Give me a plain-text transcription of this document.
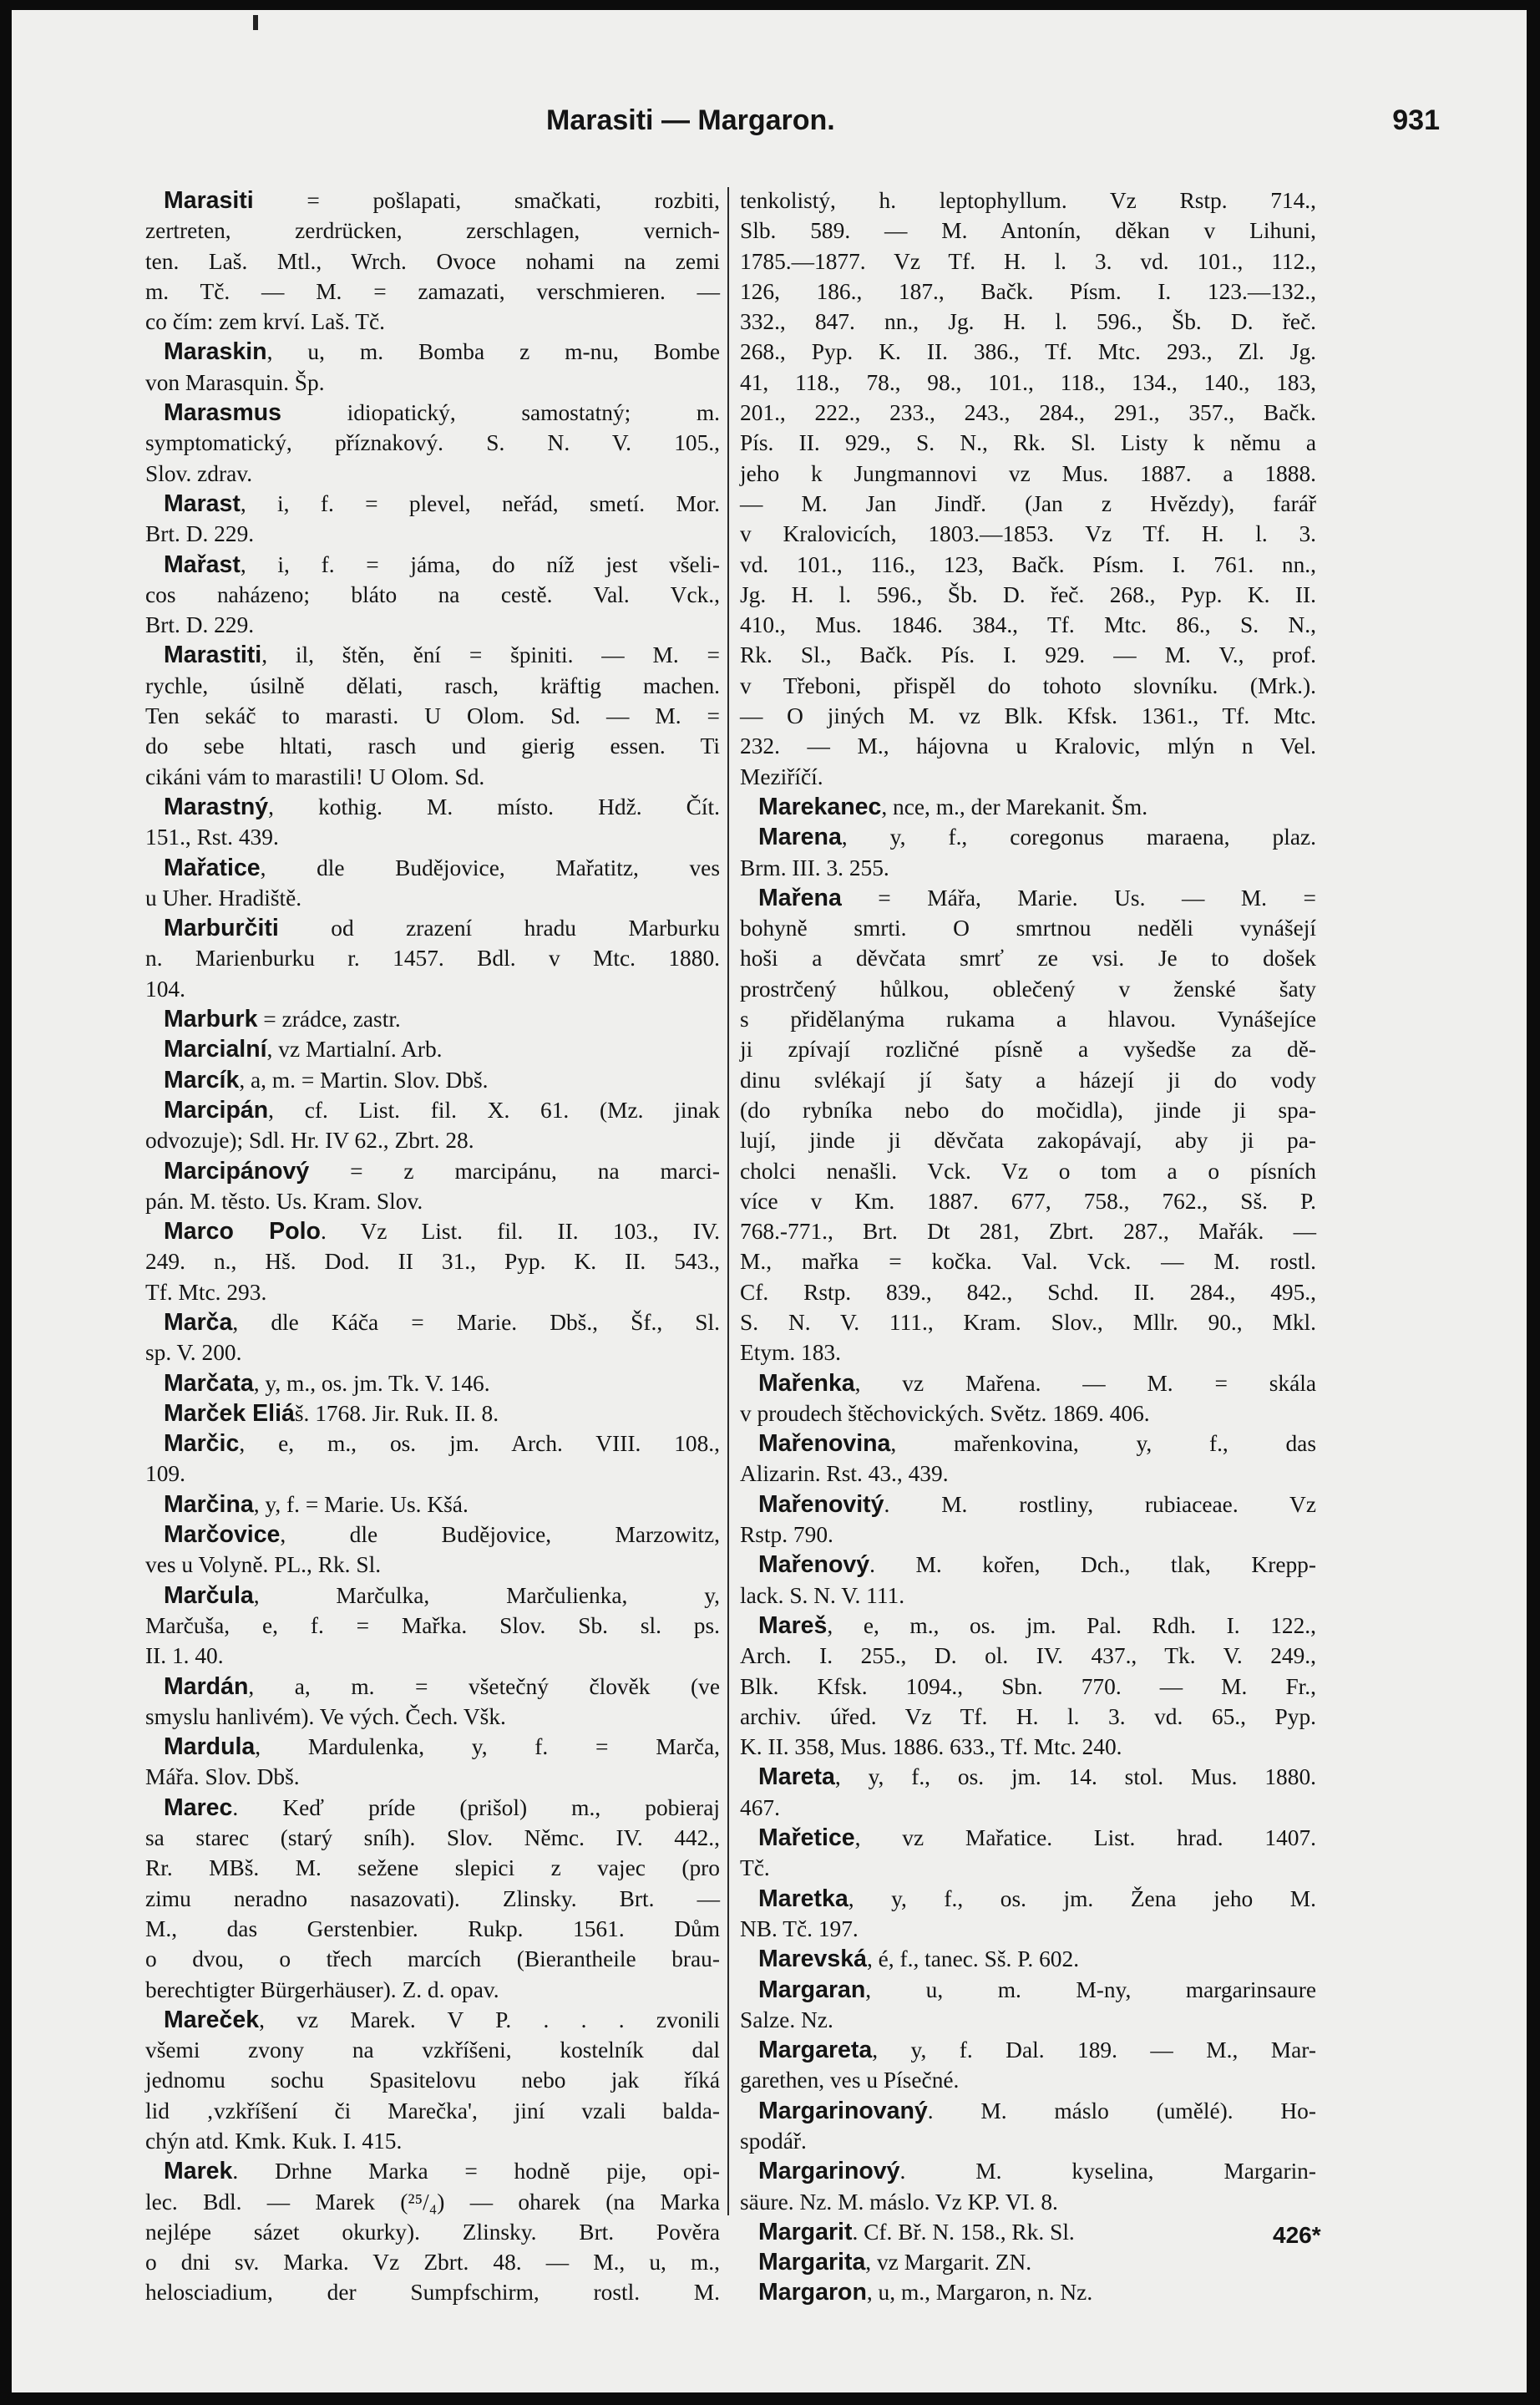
Marasiti — Margaron.	931
Marasiti = pošlapati, smačkati, rozbiti,
zertreten, zerdrücken, zerschlagen, vernich-
ten. Laš. Mtl., Wrch. Ovoce nohami na zemi
m. Tč. — M. = zamazati, verschmieren. —
co čím: zem krví. Laš. Tč.
Maraskin, u, m. Bomba z m-nu, Bombe
von Marasquin. Šp.
Marasmus idiopatický, samostatný; m.
symptomatický, příznakový. S. N. V. 105.,
Slov. zdrav.
Marast, i, f. = plevel, neřád, smetí. Mor.
Brt. D. 229.
Mařast, i, f. = jáma, do níž jest všeli-
cos naházeno; bláto na cestě. Val. Vck.,
Brt. D. 229.
Marastiti, il, štěn, ění = špiniti. — M. =
rychle, úsilně dělati, rasch, kräftig machen.
Ten sekáč to marasti. U Olom. Sd. — M. =
do sebe hltati, rasch und gierig essen. Ti
cikáni vám to marastili! U Olom. Sd.
Marastný, kothig. M. místo. Hdž. Čít.
151., Rst. 439.
Mařatice, dle Budějovice, Mařatitz, ves
u Uher. Hradiště.
Marburčiti od zrazení hradu Marburku
n. Marienburku r. 1457. Bdl. v Mtc. 1880.
104.
Marburk = zrádce, zastr.
Marcialní, vz Martialní. Arb.
Marcík, a, m. = Martin. Slov. Dbš.
Marcipán, cf. List. fil. X. 61. (Mz. jinak
odvozuje); Sdl. Hr. IV 62., Zbrt. 28.
Marcipánový = z marcipánu, na marci-
pán. M. těsto. Us. Kram. Slov.
Marco Polo. Vz List. fil. II. 103., IV.
249. n., Hš. Dod. II 31., Pyp. K. II. 543.,
Tf. Mtc. 293.
Marča, dle Káča = Marie. Dbš., Šf., Sl.
sp. V. 200.
Marčata, y, m., os. jm. Tk. V. 146.
Marček Eliáš. 1768. Jir. Ruk. II. 8.
Marčic, e, m., os. jm. Arch. VIII. 108.,
109.
Marčina, y, f. = Marie. Us. Kšá.
Marčovice, dle Budějovice, Marzowitz,
ves u Volyně. PL., Rk. Sl.
Marčula, Marčulka, Marčulienka, y,
Marčuša, e, f. = Mařka. Slov. Sb. sl. ps.
II. 1. 40.
Mardán, a, m. = všetečný člověk (ve
smyslu hanlivém). Ve vých. Čech. Všk.
Mardula, Mardulenka, y, f. = Marča,
Mářa. Slov. Dbš.
Marec. Keď príde (prišol) m., pobieraj
sa starec (starý sníh). Slov. Němc. IV. 442.,
Rr. MBš. M. sežene slepici z vajec (pro
zimu neradno nasazovati). Zlinsky. Brt. —
M., das Gerstenbier. Rukp. 1561. Dům
o dvou, o třech marcích (Bierantheile brau-
berechtigter Bürgerhäuser). Z. d. opav.
Mareček, vz Marek. V P. . . . zvonili
všemi zvony na vzkříšeni, kostelník dal
jednomu sochu Spasitelovu nebo jak říká
lid ‚vzkříšení či Marečka', jiní vzali balda-
chýn atd. Kmk. Kuk. I. 415.
Marek. Drhne Marka = hodně pije, opi-
lec. Bdl. — Marek (²⁵/₄) — oharek (na Marka
nejlépe sázet okurky). Zlinsky. Brt. Pověra
o dni sv. Marka. Vz Zbrt. 48. — M., u, m.,
helosciadium, der Sumpfschirm, rostl. M.
tenkolistý, h. leptophyllum. Vz Rstp. 714.,
Slb. 589. — M. Antonín, děkan v Lihuni,
1785.—1877. Vz Tf. H. l. 3. vd. 101., 112.,
126, 186., 187., Bačk. Písm. I. 123.—132.,
332., 847. nn., Jg. H. l. 596., Šb. D. řeč.
268., Pyp. K. II. 386., Tf. Mtc. 293., Zl. Jg.
41, 118., 78., 98., 101., 118., 134., 140., 183,
201., 222., 233., 243., 284., 291., 357., Bačk.
Pís. II. 929., S. N., Rk. Sl. Listy k němu a
jeho k Jungmannovi vz Mus. 1887. a 1888.
— M. Jan Jindř. (Jan z Hvězdy), farář
v Kralovicích, 1803.—1853. Vz Tf. H. l. 3.
vd. 101., 116., 123, Bačk. Písm. I. 761. nn.,
Jg. H. l. 596., Šb. D. řeč. 268., Pyp. K. II.
410., Mus. 1846. 384., Tf. Mtc. 86., S. N.,
Rk. Sl., Bačk. Pís. I. 929. — M. V., prof.
v Třeboni, přispěl do tohoto slovníku. (Mrk.).
— O jiných M. vz Blk. Kfsk. 1361., Tf. Mtc.
232. — M., hájovna u Kralovic, mlýn n Vel.
Meziříčí.
Marekanec, nce, m., der Marekanit. Šm.
Marena, y, f., coregonus maraena, plaz.
Brm. III. 3. 255.
Mařena = Mářa, Marie. Us. — M. =
bohyně smrti. O smrtnou neděli vynášejí
hoši a děvčata smrť ze vsi. Je to došek
prostrčený hůlkou, oblečený v ženské šaty
s přidělanýma rukama a hlavou. Vynášejíce
ji zpívají rozličné písně a vyšedše za dě-
dinu svlékají jí šaty a házejí ji do vody
(do rybníka nebo do močidla), jinde ji spa-
lují, jinde ji děvčata zakopávají, aby ji pa-
cholci nenašli. Vck. Vz o tom a o písních
více v Km. 1887. 677, 758., 762., Sš. P.
768.-771., Brt. Dt 281, Zbrt. 287., Mařák. —
M., mařka = kočka. Val. Vck. — M. rostl.
Cf. Rstp. 839., 842., Schd. II. 284., 495.,
S. N. V. 111., Kram. Slov., Mllr. 90., Mkl.
Etym. 183.
Mařenka, vz Mařena. — M. = skála
v proudech štěchovických. Světz. 1869. 406.
Mařenovina, mařenkovina, y, f., das
Alizarin. Rst. 43., 439.
Mařenovitý. M. rostliny, rubiaceae. Vz
Rstp. 790.
Mařenový. M. kořen, Dch., tlak, Krepp-
lack. S. N. V. 111.
Mareš, e, m., os. jm. Pal. Rdh. I. 122.,
Arch. I. 255., D. ol. IV. 437., Tk. V. 249.,
Blk. Kfsk. 1094., Sbn. 770. — M. Fr.,
archiv. úřed. Vz Tf. H. l. 3. vd. 65., Pyp.
K. II. 358, Mus. 1886. 633., Tf. Mtc. 240.
Mareta, y, f., os. jm. 14. stol. Mus. 1880.
467.
Mařetice, vz Mařatice. List. hrad. 1407.
Tč.
Maretka, y, f., os. jm. Žena jeho M.
NB. Tč. 197.
Marevská, é, f., tanec. Sš. P. 602.
Margaran, u, m. M-ny, margarinsaure
Salze. Nz.
Margareta, y, f. Dal. 189. — M., Mar-
garethen, ves u Písečné.
Margarinovaný. M. máslo (umělé). Ho-
spodář.
Margarinový. M. kyselina, Margarin-
säure. Nz. M. máslo. Vz KP. VI. 8.
Margarit. Cf. Bř. N. 158., Rk. Sl.
Margarita, vz Margarit. ZN.
Margaron, u, m., Margaron, n. Nz.
426*
